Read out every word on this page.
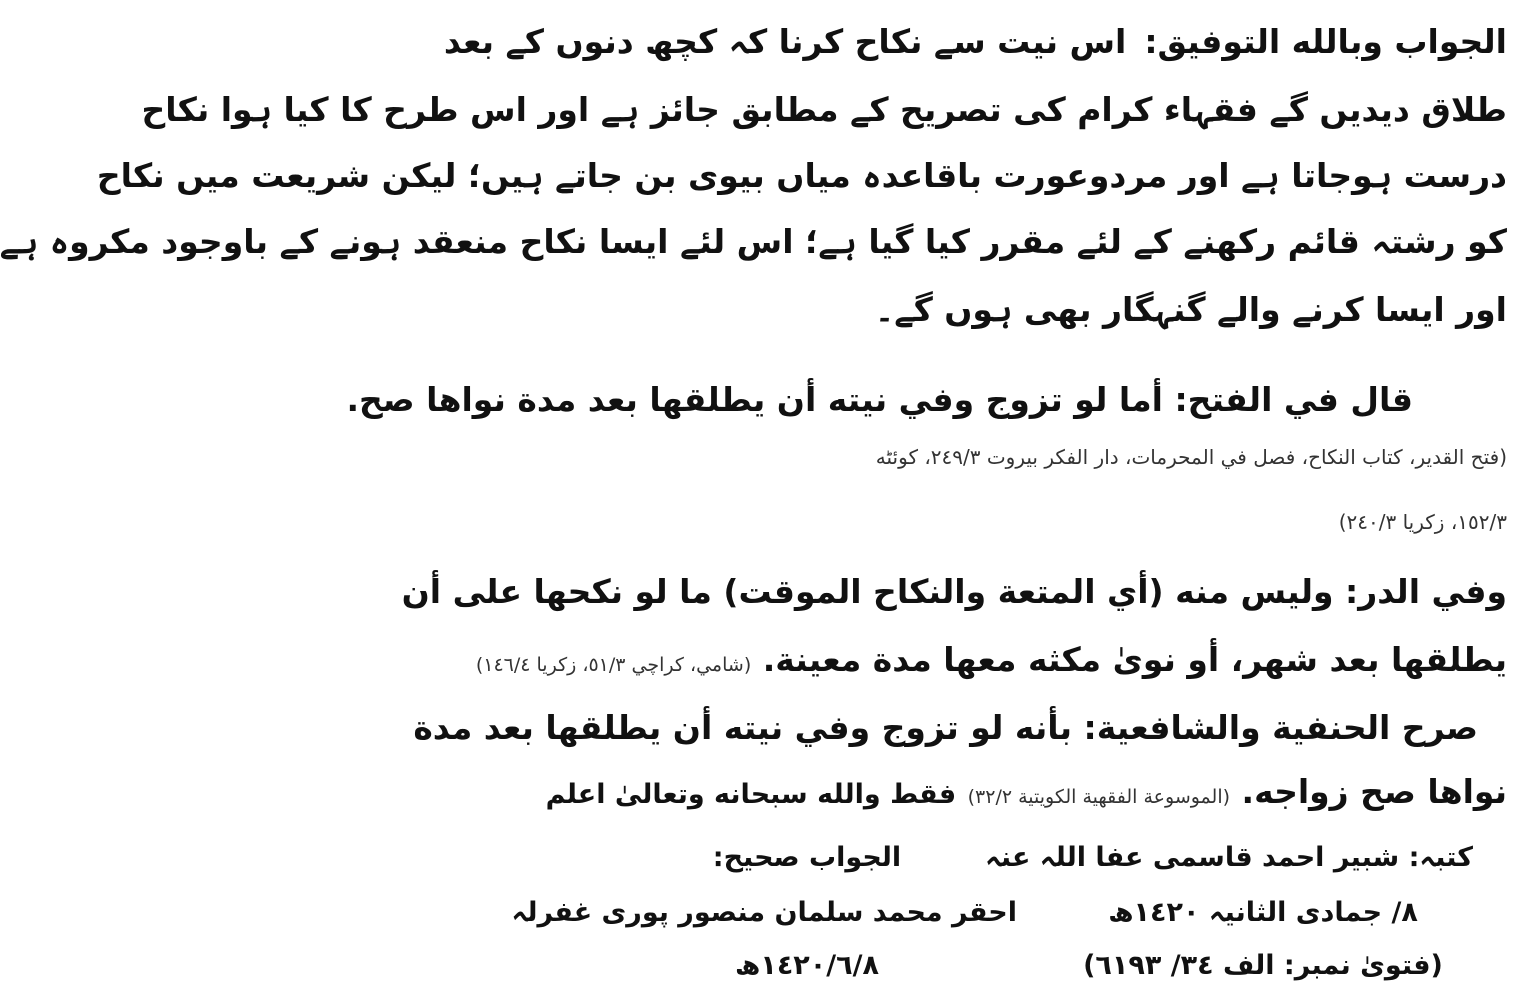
الجواب وبالله التوفيق:اس نیت سے نکاح کرنا کہ کچھ دنوں کے بعد
طلاق دیدیں گے فقہاء کرام کی تصریح کے مطابق جائز ہے اور اس طرح کا کیا ہوا نکاح
درست ہوجاتا ہے اور مردوعورت باقاعدہ میاں بیوی بن جاتے ہیں؛ لیکن شریعت میں نکاح
کو رشتہ قائم رکھنے کے لئے مقرر کیا گیا ہے؛ اس لئے ایسا نکاح منعقد ہونے کے باوجود مکروہ ہے
اور ایسا کرنے والے گنہگار بھی ہوں گے۔
قال في الفتح: أما لو تزوج وفي نيته أن يطلقها بعد مدة نواها صح.
(فتح القدير، كتاب النكاح، فصل في المحرمات، دار الفكر بيروت ٢٤٩/٣، كوئٹه
١٥٢/٣، زكريا ٢٤٠/٣)
وفي الدر: وليس منه (أي المتعة والنكاح الموقت) ما لو نكحها على أن
يطلقها بعد شهر، أو نوىٰ مكثه معها مدة معينة. (شامي، كراچي ٥١/٣، زكريا ١٤٦/٤)
صرح الحنفية والشافعية: بأنه لو تزوج وفي نيته أن يطلقها بعد مدة
نواها صح زواجه. (الموسوعة الفقهية الكويتية ٣٢/٢) فقط والله سبحانه وتعالىٰ اعلم
کتبہ: شبیر احمد قاسمی عفا اللہ عنہ
٨/ جمادی الثانیہ ١٤٢٠ھ
(فتویٰ نمبر: الف ٣٤/ ٦١٩٣)
الجواب صحیح:
احقر محمد سلمان منصور پوری غفرلہ
١٤٢٠/٦/٨ھ
